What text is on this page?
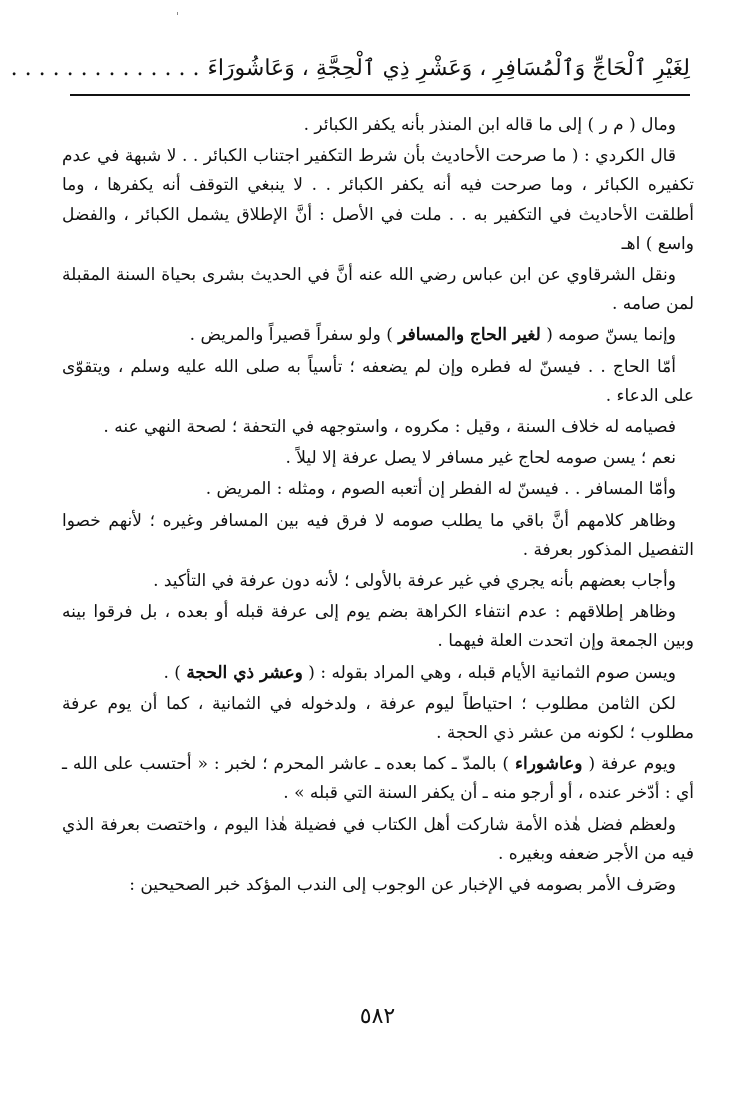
'
لِغَيْرِ ٱلْحَاجِّ وَٱلْمُسَافِرِ ، وَعَشْرِ ذِي ٱلْحِجَّةِ ، وَعَاشُورَاءَ. . . . . . . . . . . . . .

ومال ( م ر ) إلى ما قاله ابن المنذر بأنه يكفر الكبائر .

قال الكردي : ( ما صرحت الأحاديث بأن شرط التكفير اجتناب الكبائر . . لا شبهة في عدم تكفيره الكبائر ، وما صرحت فيه أنه يكفر الكبائر . . لا ينبغي التوقف أنه يكفرها ، وما أطلقت الأحاديث في التكفير به . . ملت في الأصل : أنَّ الإطلاق يشمل الكبائر ، والفضل واسع ) اهـ

ونقل الشرقاوي عن ابن عباس رضي الله عنه أنَّ في الحديث بشرى بحياة السنة المقبلة لمن صامه .

وإنما يسنّ صومه ( لغير الحاج والمسافر ) ولو سفراً قصيراً والمريض .

أمّا الحاج . . فيسنّ له فطره وإن لم يضعفه ؛ تأسياً به صلى الله عليه وسلم ، ويتقوّى على الدعاء .

فصيامه له خلاف السنة ، وقيل : مكروه ، واستوجهه في التحفة ؛ لصحة النهي عنه .

نعم ؛ يسن صومه لحاج غير مسافر لا يصل عرفة إلا ليلاً .

وأمّا المسافر . . فيسنّ له الفطر إن أتعبه الصوم ، ومثله : المريض .

وظاهر كلامهم أنَّ باقي ما يطلب صومه لا فرق فيه بين المسافر وغيره ؛ لأنهم خصوا التفصيل المذكور بعرفة .

وأجاب بعضهم بأنه يجري في غير عرفة بالأولى ؛ لأنه دون عرفة في التأكيد .

وظاهر إطلاقهم : عدم انتفاء الكراهة بضم يوم إلى عرفة قبله أو بعده ، بل فرقوا بينه وبين الجمعة وإن اتحدت العلة فيهما .

ويسن صوم الثمانية الأيام قبله ، وهي المراد بقوله : ( وعشر ذي الحجة ) .

لكن الثامن مطلوب ؛ احتياطاً ليوم عرفة ، ولدخوله في الثمانية ، كما أن يوم عرفة مطلوب ؛ لكونه من عشر ذي الحجة .

ويوم عرفة ( وعاشوراء ) بالمدّ ـ كما بعده ـ عاشر المحرم ؛ لخبر : « أحتسب على الله ـ أي : أدّخر عنده ، أو أرجو منه ـ أن يكفر السنة التي قبله » .

ولعظم فضل هٰذه الأمة شاركت أهل الكتاب في فضيلة هٰذا اليوم ، واختصت بعرفة الذي فيه من الأجر ضعفه وبغيره .

وصَرف الأمر بصومه في الإخبار عن الوجوب إلى الندب المؤكد خبر الصحيحين :

٥٨٢
